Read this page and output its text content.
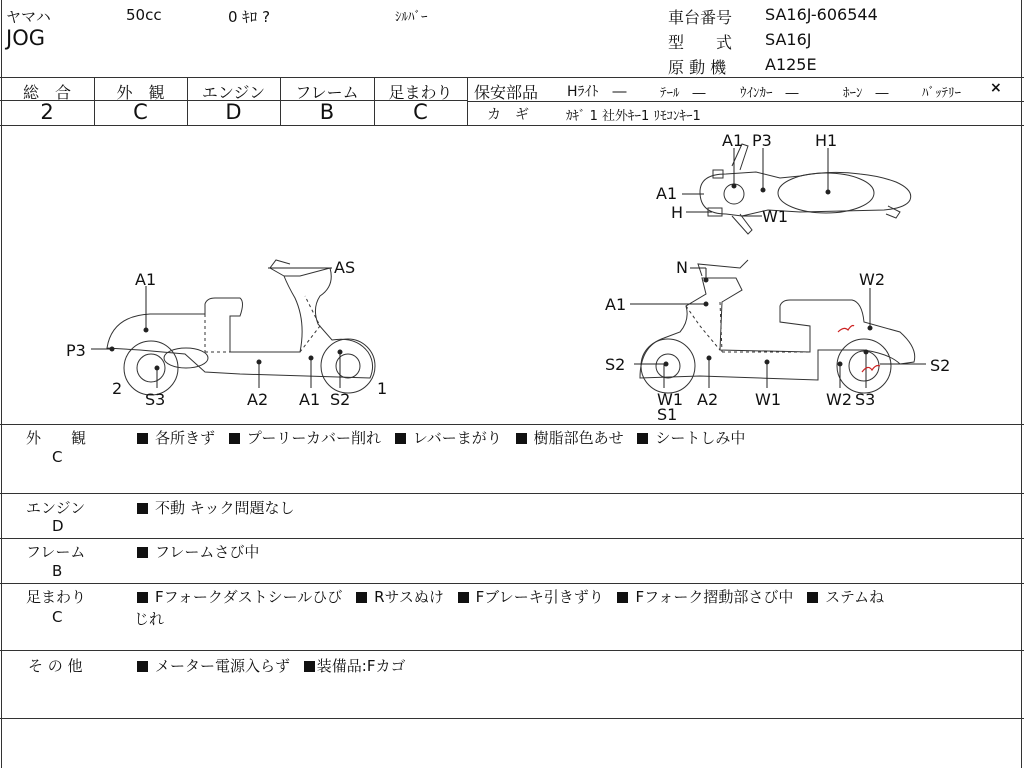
ヤマハ	50cc	0 ｷﾛ ?	ｼﾙﾊﾞｰ
JOG
車台番号 SA16J-606544
型　　式 SA16J
原 動 機 A125E
総　合	外　観	エンジン	フレーム	足まわり
2	C	D	B	C
保安部品 Hﾗｲﾄ　―	ﾃｰﾙ　―	ｳｲﾝｶｰ　―	ﾎｰﾝ　―	ﾊﾞｯﾃﾘｰ ×
カ　ギ	ｶｷﾞ 1 社外ｷｰ1 ﾘﾓｺﾝｷｰ1
A1
AS
P3
2
S3	A2 A1 S2
1
A1 P3	H1
A1
H	W1
N
W2
A1
S2	S2
W1
S1
A2 W1	W2 S3
外　　観
C
各所きず プーリーカバー削れ レバーまがり 樹脂部色あせ シートしみ中
エンジン
D
不動 キック問題なし
フレーム
B
フレームさび中
足まわり
C
Fフォークダストシールひび Rサスぬけ Fブレーキ引きずり Fフォーク摺動部さび中 ステムね
じれ
そ の 他	メーター電源入らず 装備品:Fカゴ
